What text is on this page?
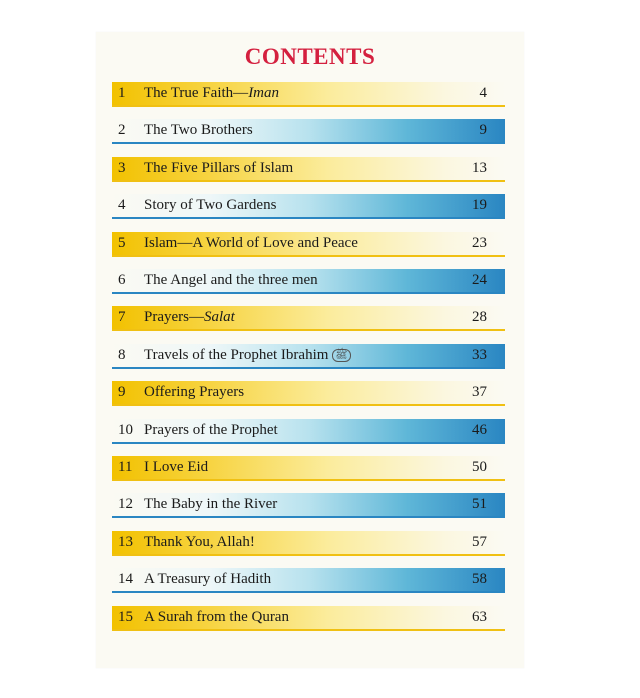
CONTENTS
1 The True Faith—Iman	4
2 The Two Brothers	9
3 The Five Pillars of Islam	13
4 Story of Two Gardens	19
5 Islam—A World of Love and Peace	23
6 The Angel and the three men	24
7 Prayers—Salat	28
8 Travels of the Prophet Ibrahim ﷺ	33
9 Offering Prayers	37
10 Prayers of the Prophet	46
11 I Love Eid	50
12 The Baby in the River	51
13 Thank You, Allah!	57
14 A Treasury of Hadith	58
15 A Surah from the Quran	63
